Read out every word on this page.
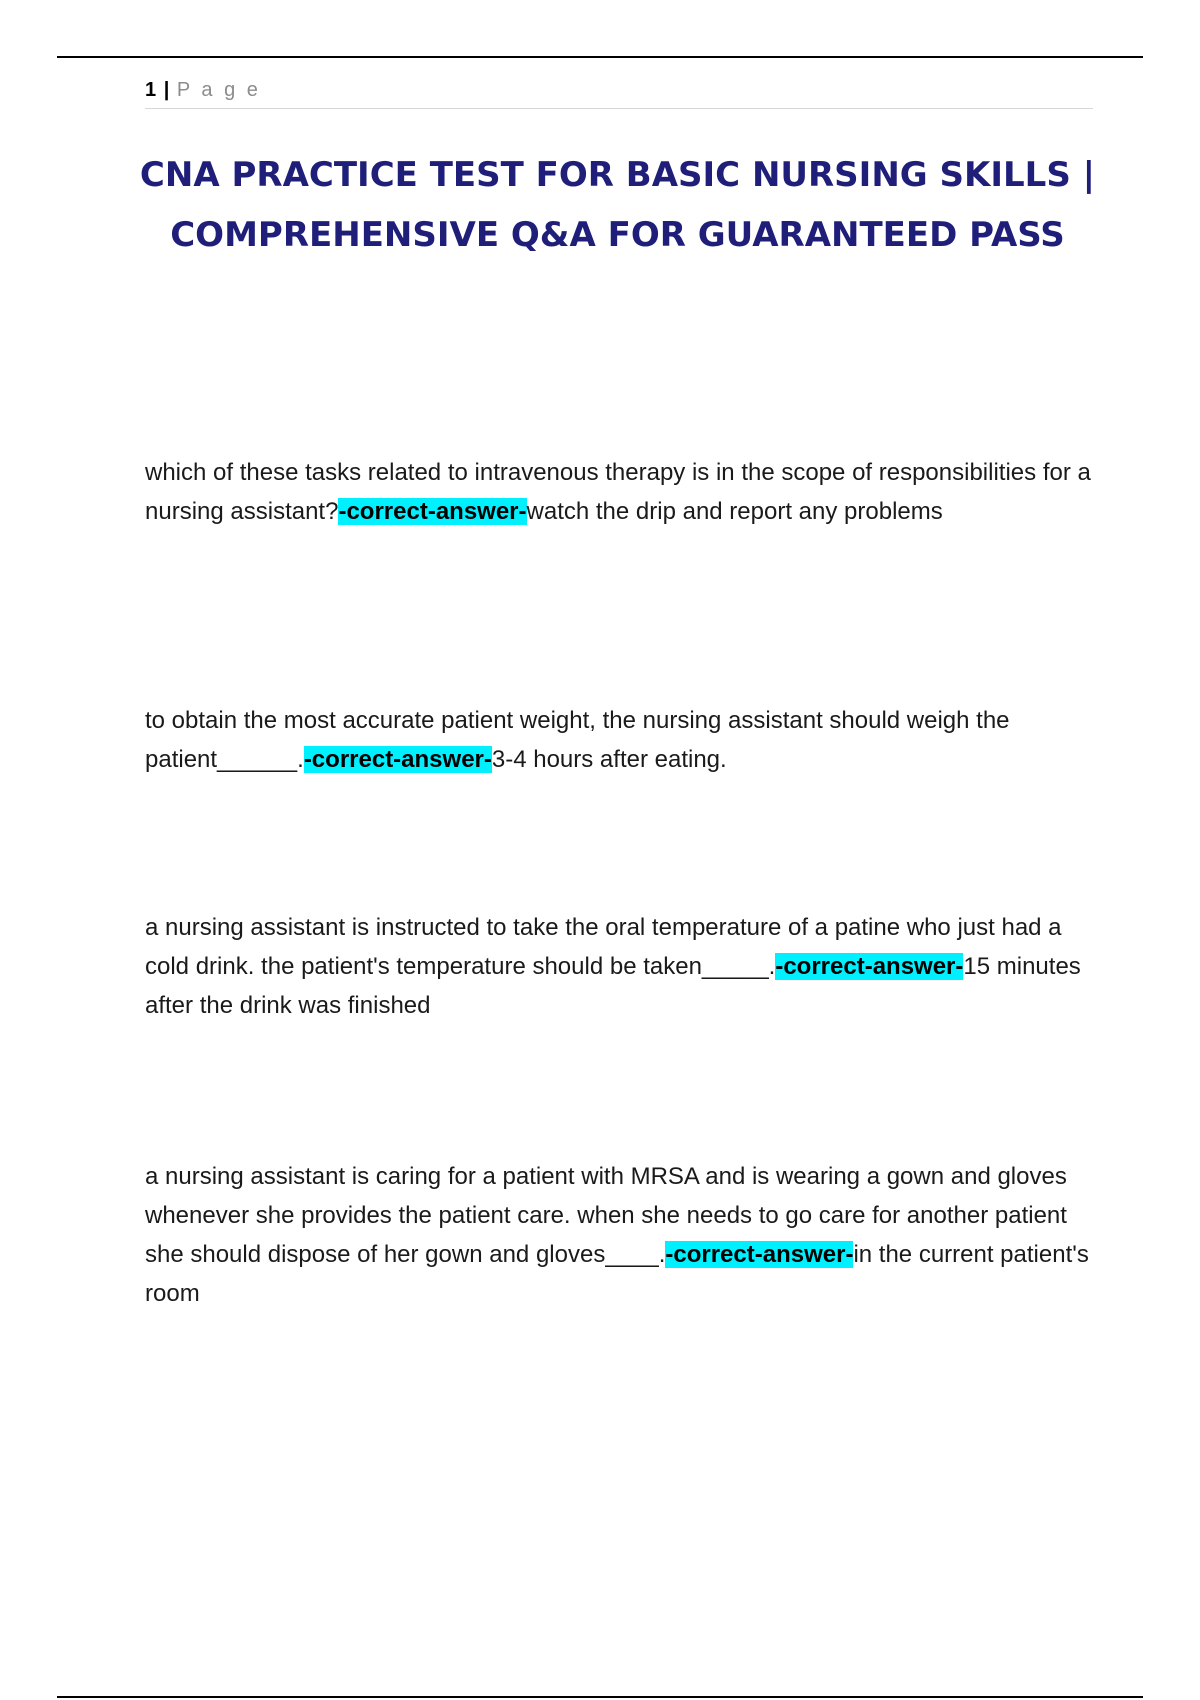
1 | P a g e
CNA PRACTICE TEST FOR BASIC NURSING SKILLS | COMPREHENSIVE Q&A FOR GUARANTEED PASS
which of these tasks related to intravenous therapy is in the scope of responsibilities for a nursing assistant?-correct-answer-watch the drip and report any problems
to obtain the most accurate patient weight, the nursing assistant should weigh the patient______.-correct-answer-3-4 hours after eating.
a nursing assistant is instructed to take the oral temperature of a patine who just had a cold drink. the patient's temperature should be taken_____.-correct-answer-15 minutes after the drink was finished
a nursing assistant is caring for a patient with MRSA and is wearing a gown and gloves whenever she provides the patient care. when she needs to go care for another patient she should dispose of her gown and gloves____.-correct-answer-in the current patient's room
